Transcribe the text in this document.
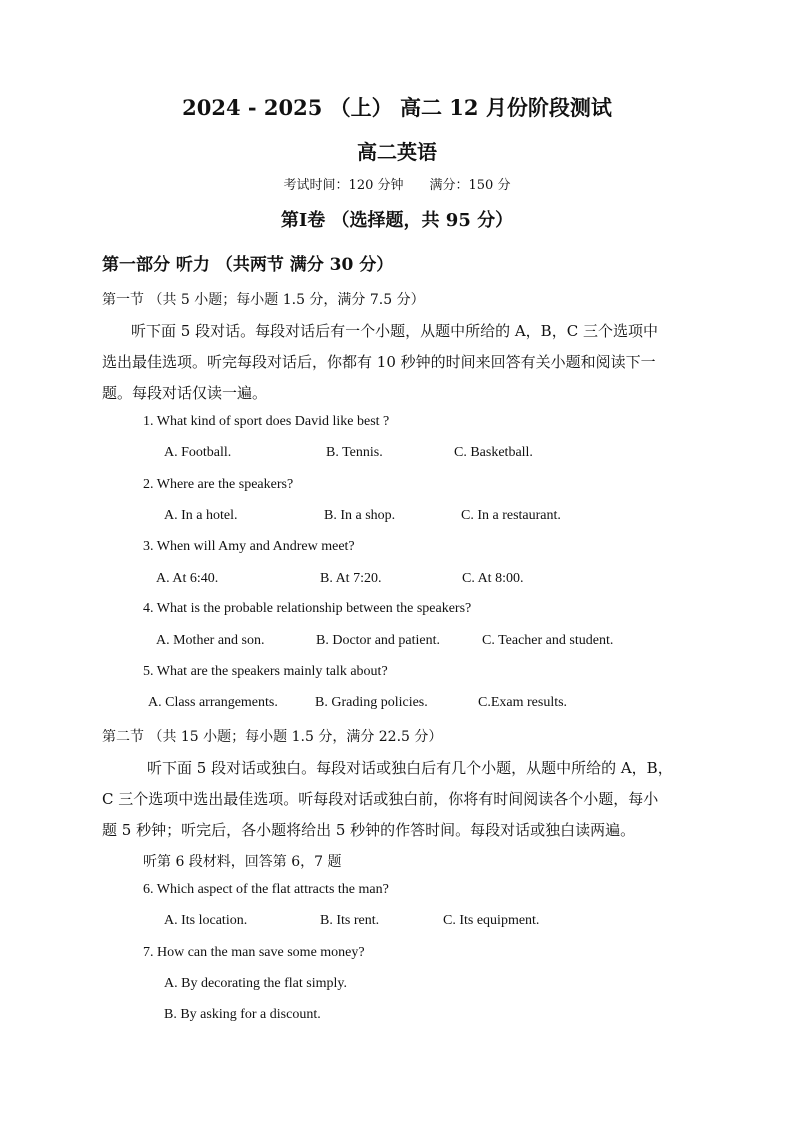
2024 - 2025 （上） 高二 12 月份阶段测试
高二英语
考试时间：120 分钟　　满分：150 分
第Ⅰ卷 （选择题，共 95 分）
第一部分 听力 （共两节 满分 30 分）
第一节 （共 5 小题；每小题 1.5 分，满分 7.5 分）
听下面 5 段对话。每段对话后有一个小题，从题中所给的 A，B，C 三个选项中
选出最佳选项。听完每段对话后，你都有 10 秒钟的时间来回答有关小题和阅读下一
题。每段对话仅读一遍。
1. What kind of sport does David like best ?
A. Football.	B. Tennis.	C. Basketball.
2. Where are the speakers?
A. In a hotel.	B. In a shop.	C. In a restaurant.
3. When will Amy and Andrew meet?
A. At 6:40.	B. At 7:20.	C. At 8:00.
4. What is the probable relationship between the speakers?
A. Mother and son.	B. Doctor and patient.	C. Teacher and student.
5. What are the speakers mainly talk about?
A. Class arrangements.	B. Grading policies.	C.Exam results.
第二节 （共 15 小题；每小题 1.5 分，满分 22.5 分）
听下面 5 段对话或独白。每段对话或独白后有几个小题，从题中所给的 A，B，
C 三个选项中选出最佳选项。听每段对话或独白前，你将有时间阅读各个小题，每小
题 5 秒钟；听完后，各小题将给出 5 秒钟的作答时间。每段对话或独白读两遍。
听第 6 段材料，回答第 6，7 题
6. Which aspect of the flat attracts the man?
A. Its location.	B. Its rent.	C. Its equipment.
7. How can the man save some money?
A. By decorating the flat simply.
B. By asking for a discount.
